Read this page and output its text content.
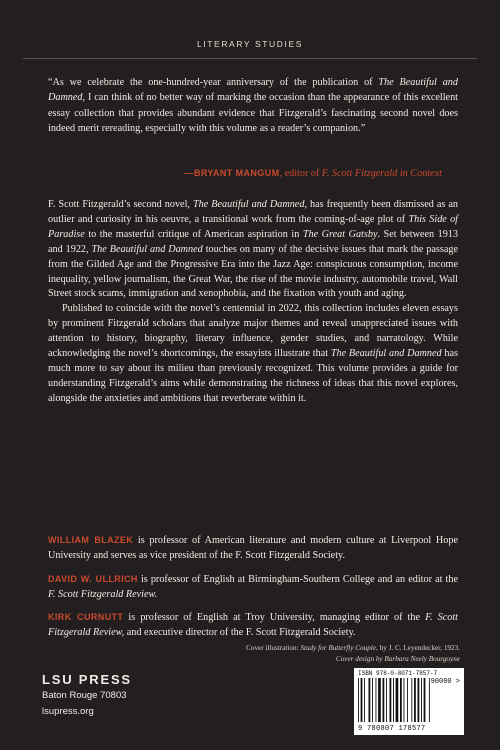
LITERARY STUDIES
“As we celebrate the one-hundred-year anniversary of the publication of The Beautiful and Damned, I can think of no better way of marking the occasion than the appearance of this excellent essay collection that provides abundant evidence that Fitzgerald’s fascinating second novel does indeed merit rereading, especially with this volume as a reader’s companion.”
—BRYANT MANGUM, editor of F. Scott Fitzgerald in Context

F. Scott Fitzgerald’s second novel, The Beautiful and Damned, has frequently been dismissed as an outlier and curiosity in his oeuvre, a transitional work from the coming-of-age plot of This Side of Paradise to the masterful critique of American aspiration in The Great Gatsby. Set between 1913 and 1922, The Beautiful and Damned touches on many of the decisive issues that mark the passage from the Gilded Age and the Progressive Era into the Jazz Age: conspicuous consumption, income inequality, yellow journalism, the Great War, the rise of the movie industry, automobile travel, Wall Street stock scams, immigration and xenophobia, and the fixation with youth and aging.

Published to coincide with the novel’s centennial in 2022, this collection includes eleven essays by prominent Fitzgerald scholars that analyze major themes and reveal unappreciated issues with attention to history, biography, literary influence, gender studies, and narratology. While acknowledging the novel’s shortcomings, the essayists illustrate that The Beautiful and Damned has much more to say about its milieu than previously recognized. This volume provides a guide for understanding Fitzgerald’s aims while demonstrating the richness of ideas that this novel explores, alongside the anxieties and ambitions that reverberate within it.

WILLIAM BLAZEK is professor of American literature and modern culture at Liverpool Hope University and serves as vice president of the F. Scott Fitzgerald Society.
DAVID W. ULLRICH is professor of English at Birmingham-Southern College and an editor at the F. Scott Fitzgerald Review.
KIRK CURNUTT is professor of English at Troy University, managing editor of the F. Scott Fitzgerald Review, and executive director of the F. Scott Fitzgerald Society.
Cover illustration: Study for Butterfly Couple, by J. C. Leyendecker, 1923.
Cover design by Barbara Neely Bourgoyne
LSU PRESS
Baton Rouge 70803
lsupress.org
ISBN 978-0-8071-7857-7
90000 >
9 780807 178577
